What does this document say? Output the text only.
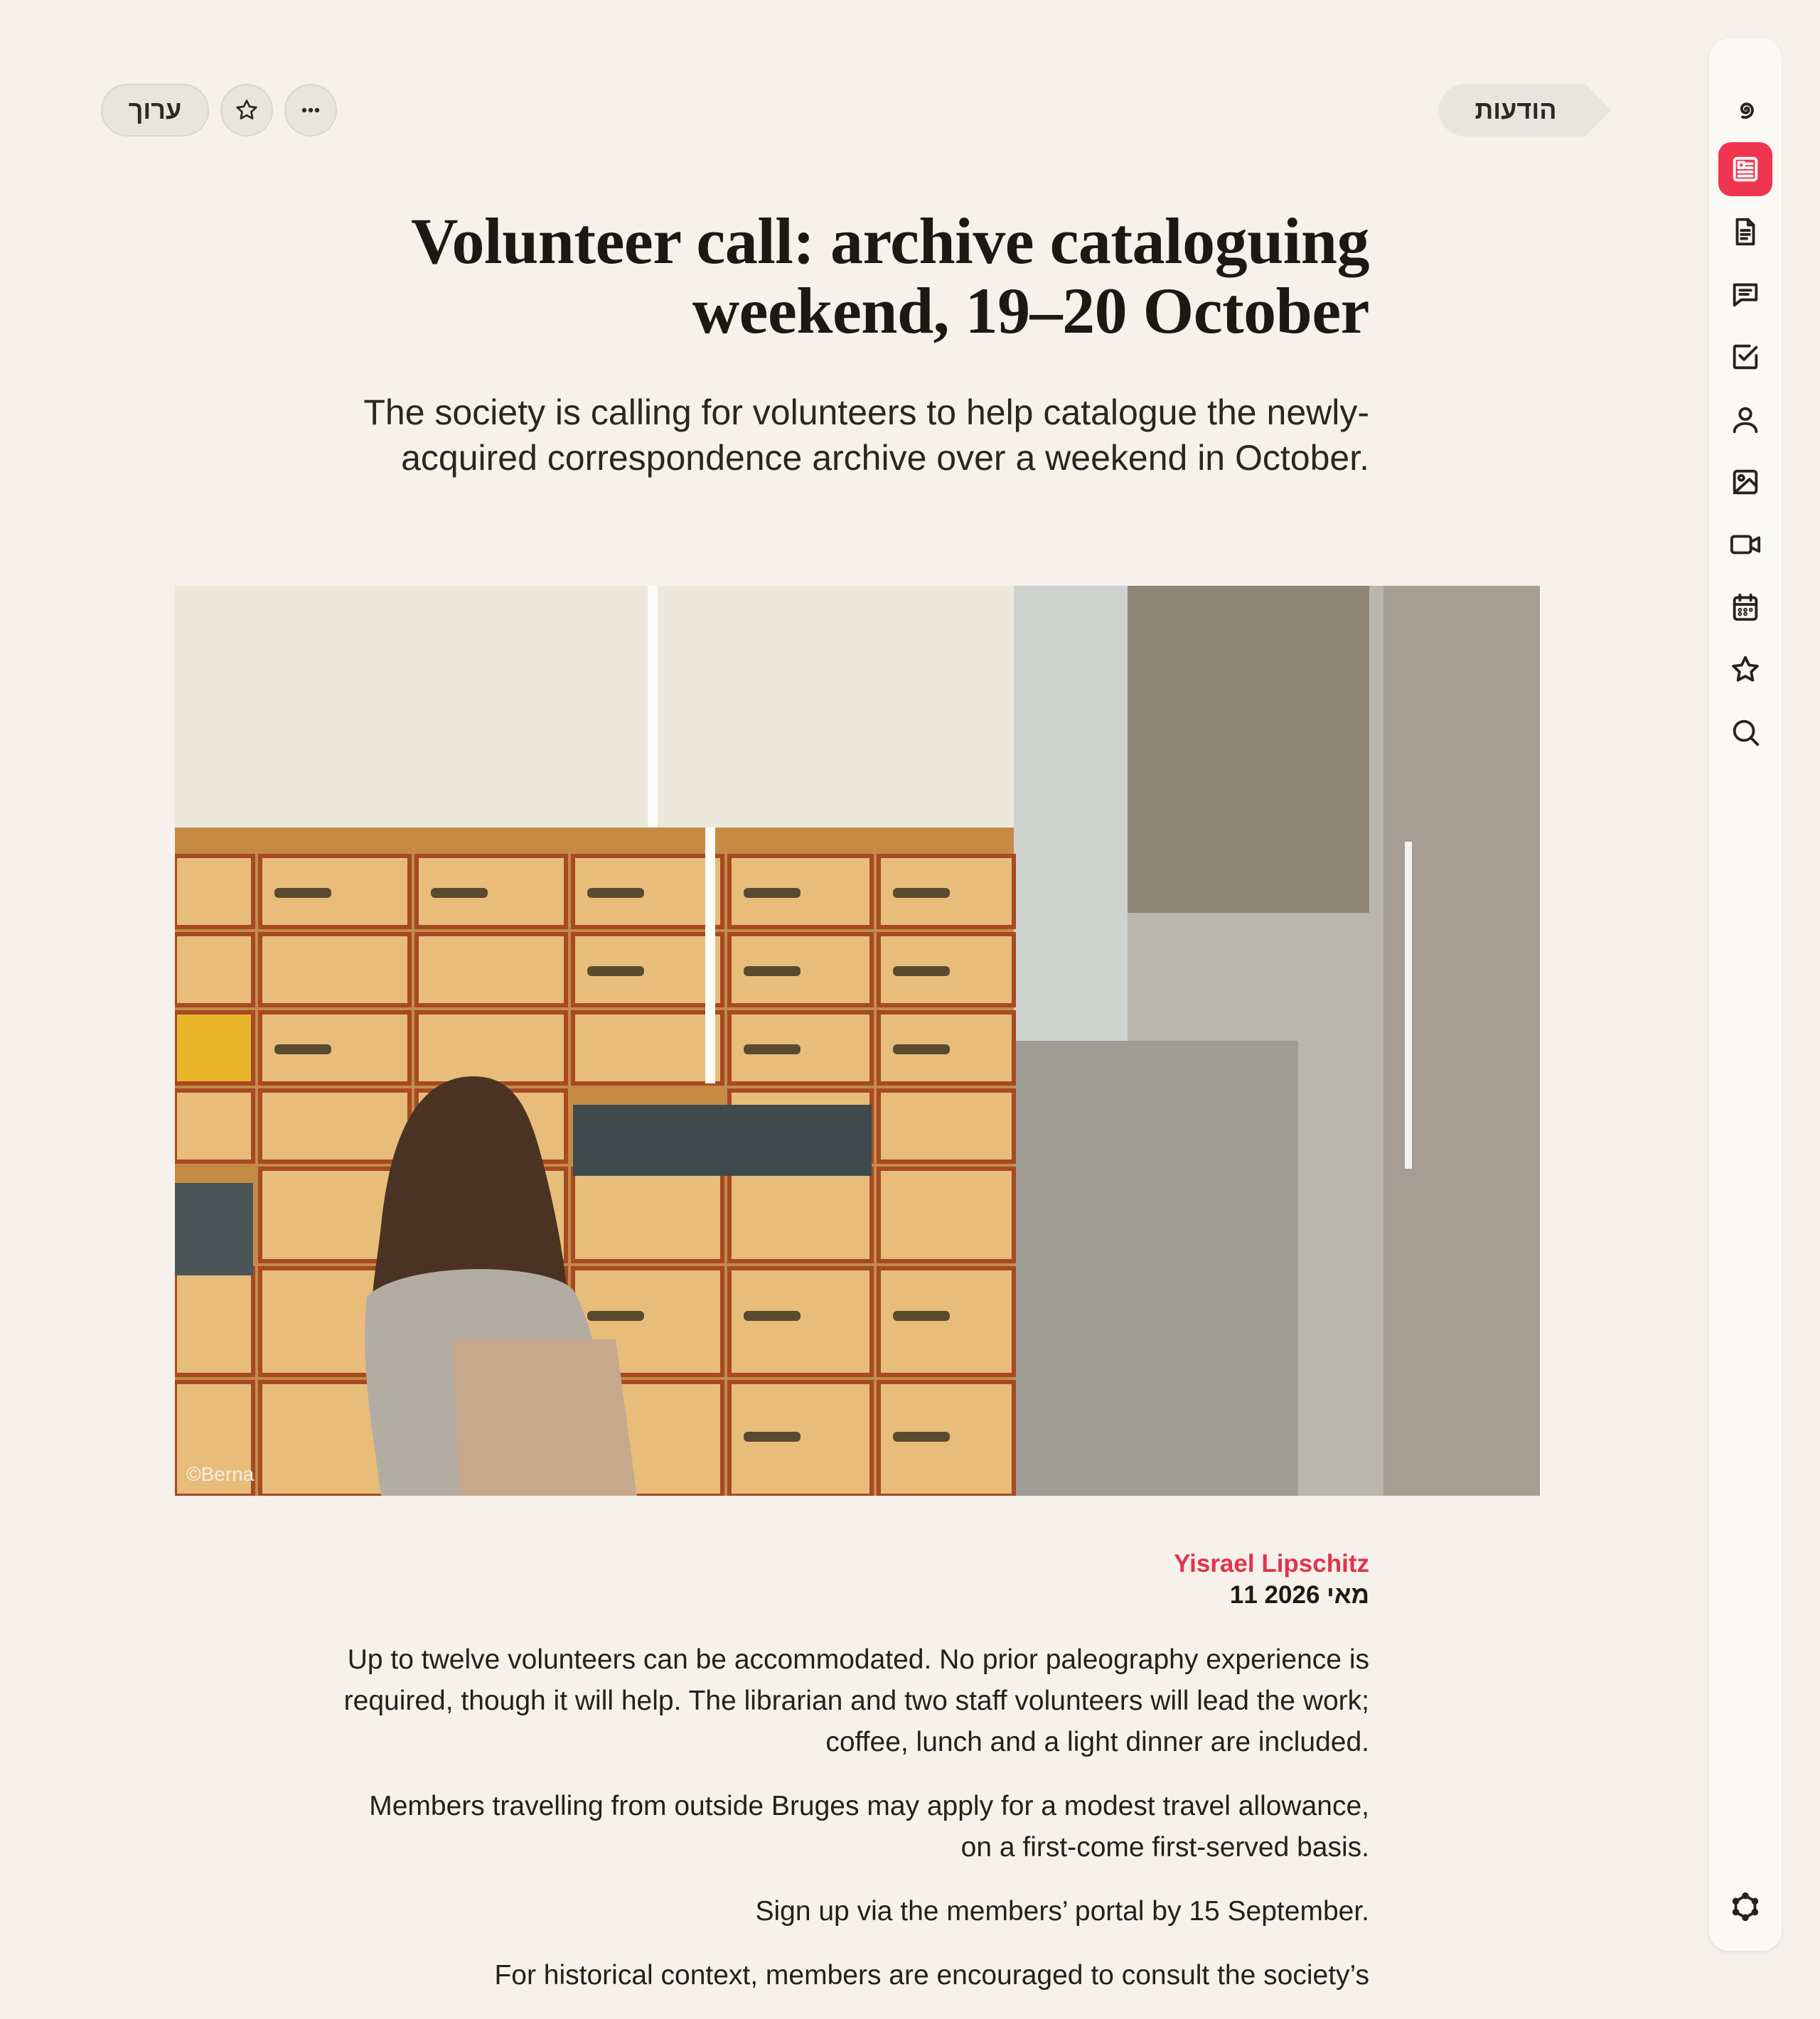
ערוך	הודעות
Volunteer call: archive cataloguing weekend, 19–20 October

The society is calling for volunteers to help catalogue the newly-acquired correspondence archive over a weekend in October.

©Berna
Yisrael Lipschitz
11 מאי 2026

Up to twelve volunteers can be accommodated. No prior paleography experience is required, though it will help. The librarian and two staff volunteers will lead the work; coffee, lunch and a light dinner are included.

Members travelling from outside Bruges may apply for a modest travel allowance, on a first-come first-served basis.

Sign up via the members’ portal by 15 September.

For historical context, members are encouraged to consult the society’s
